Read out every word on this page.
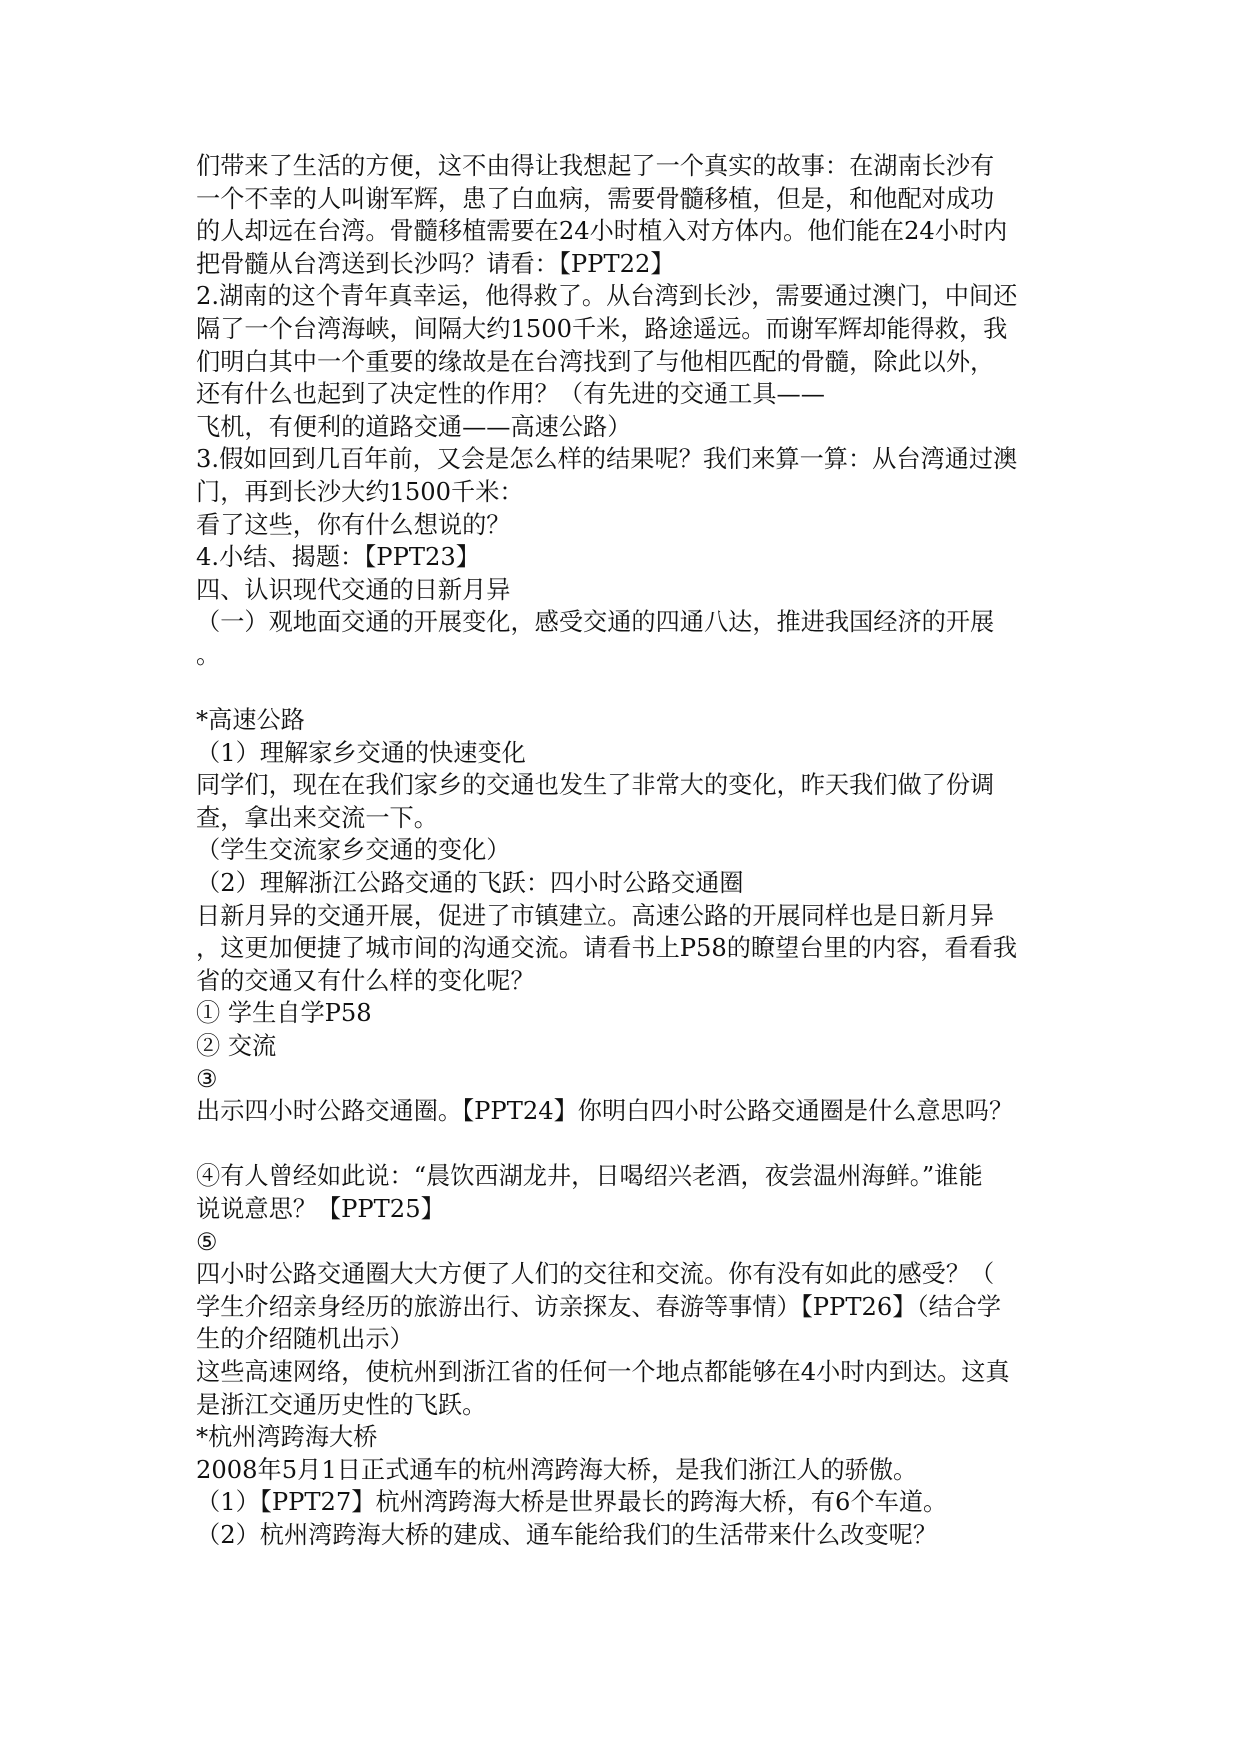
们带来了生活的方便，这不由得让我想起了一个真实的故事：在湖南长沙有
一个不幸的人叫谢军辉，患了白血病，需要骨髓移植，但是，和他配对成功
的人却远在台湾。骨髓移植需要在24小时植入对方体内。他们能在24小时内
把骨髓从台湾送到长沙吗？请看：【PPT22】
2.湖南的这个青年真幸运，他得救了。从台湾到长沙，需要通过澳门，中间还
隔了一个台湾海峡，间隔大约1500千米，路途遥远。而谢军辉却能得救，我
们明白其中一个重要的缘故是在台湾找到了与他相匹配的骨髓，除此以外，
还有什么也起到了决定性的作用？（有先进的交通工具——
飞机，有便利的道路交通——高速公路）
3.假如回到几百年前，又会是怎么样的结果呢？我们来算一算：从台湾通过澳
门，再到长沙大约1500千米：
看了这些，你有什么想说的？
4.小结、揭题：【PPT23】
四、认识现代交通的日新月异
（一）观地面交通的开展变化，感受交通的四通八达，推进我国经济的开展
。
*高速公路
（1）理解家乡交通的快速变化
同学们，现在在我们家乡的交通也发生了非常大的变化，昨天我们做了份调
查，拿出来交流一下。
（学生交流家乡交通的变化）
（2）理解浙江公路交通的飞跃：四小时公路交通圈
日新月异的交通开展，促进了市镇建立。高速公路的开展同样也是日新月异
，这更加便捷了城市间的沟通交流。请看书上P58的瞭望台里的内容，看看我
省的交通又有什么样的变化呢？
① 学生自学P58
② 交流
③
出示四小时公路交通圈。【PPT24】你明白四小时公路交通圈是什么意思吗？
④有人曾经如此说：“晨饮西湖龙井，日喝绍兴老酒，夜尝温州海鲜。”谁能
说说意思？【PPT25】
⑤
四小时公路交通圈大大方便了人们的交往和交流。你有没有如此的感受？（
学生介绍亲身经历的旅游出行、访亲探友、春游等事情）【PPT26】（结合学
生的介绍随机出示）
这些高速网络，使杭州到浙江省的任何一个地点都能够在4小时内到达。这真
是浙江交通历史性的飞跃。
*杭州湾跨海大桥
2008年5月1日正式通车的杭州湾跨海大桥，是我们浙江人的骄傲。
（1）【PPT27】杭州湾跨海大桥是世界最长的跨海大桥，有6个车道。
（2）杭州湾跨海大桥的建成、通车能给我们的生活带来什么改变呢？
